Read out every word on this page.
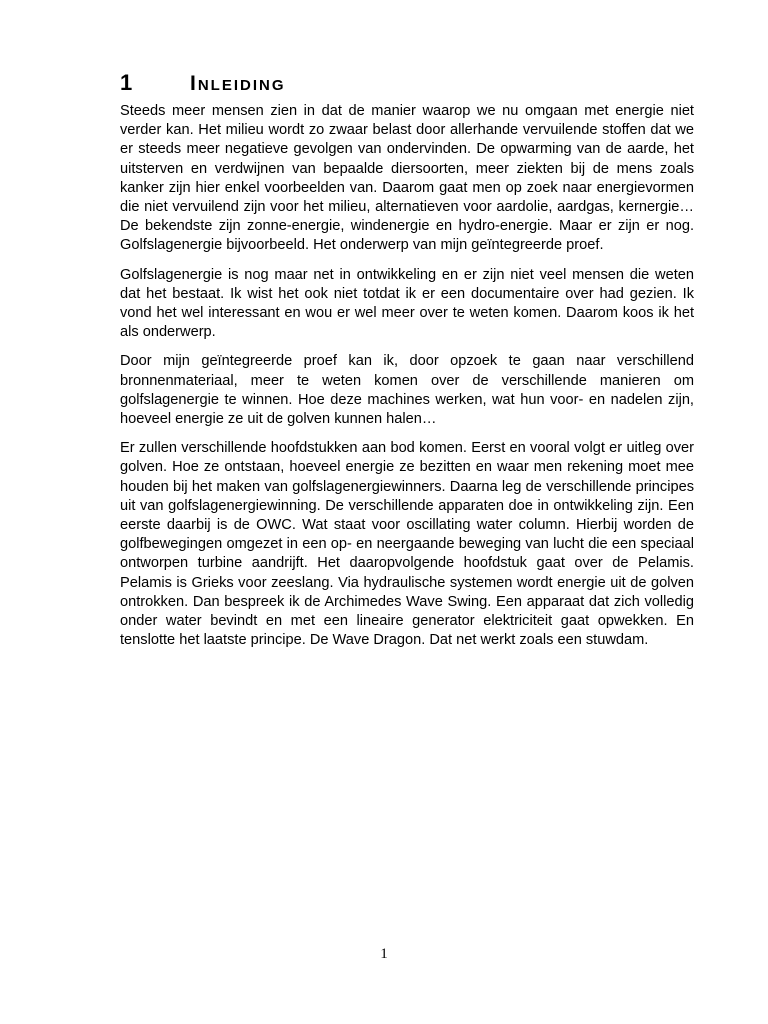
1	Inleiding

Steeds meer mensen zien in dat de manier waarop we nu omgaan met energie niet verder kan. Het milieu wordt zo zwaar belast door allerhande vervuilende stoffen dat we er steeds meer negatieve gevolgen van ondervinden. De opwarming van de aarde, het uitsterven en verdwijnen van bepaalde diersoorten, meer ziekten bij de mens zoals kanker zijn hier enkel voorbeelden van. Daarom gaat men op zoek naar energievormen die niet vervuilend zijn voor het milieu, alternatieven voor aardolie, aardgas, kernergie… De bekendste zijn zonne-energie, windenergie en hydro-energie. Maar er zijn er nog. Golfslagenergie bijvoorbeeld. Het onderwerp van mijn geïntegreerde proef.

Golfslagenergie is nog maar net in ontwikkeling en er zijn niet veel mensen die weten dat het bestaat. Ik wist het ook niet totdat ik er een documentaire over had gezien. Ik vond het wel interessant en wou er wel meer over te weten komen. Daarom koos ik het als onderwerp.

Door mijn geïntegreerde proef kan ik, door opzoek te gaan naar verschillend bronnenmateriaal, meer te weten komen over de verschillende manieren om golfslagenergie te winnen. Hoe deze machines werken, wat hun voor- en nadelen zijn, hoeveel energie ze uit de golven kunnen halen…

Er zullen verschillende hoofdstukken aan bod komen. Eerst en vooral volgt er uitleg over golven. Hoe ze ontstaan, hoeveel energie ze bezitten en waar men rekening moet mee houden bij het maken van golfslagenergiewinners. Daarna leg de verschillende principes uit van golfslagenergiewinning. De verschillende apparaten doe in ontwikkeling zijn. Een eerste daarbij is de OWC. Wat staat voor oscillating water column. Hierbij worden de golfbewegingen omgezet in een op- en neergaande beweging van lucht die een speciaal ontworpen turbine aandrijft. Het daaropvolgende hoofdstuk gaat over de Pelamis. Pelamis is Grieks voor zeeslang. Via hydraulische systemen wordt energie uit de golven ontrokken. Dan bespreek ik de Archimedes Wave Swing. Een apparaat dat zich volledig onder water bevindt en met een lineaire generator elektriciteit gaat opwekken. En tenslotte het laatste principe. De Wave Dragon. Dat net werkt zoals een stuwdam.

1
